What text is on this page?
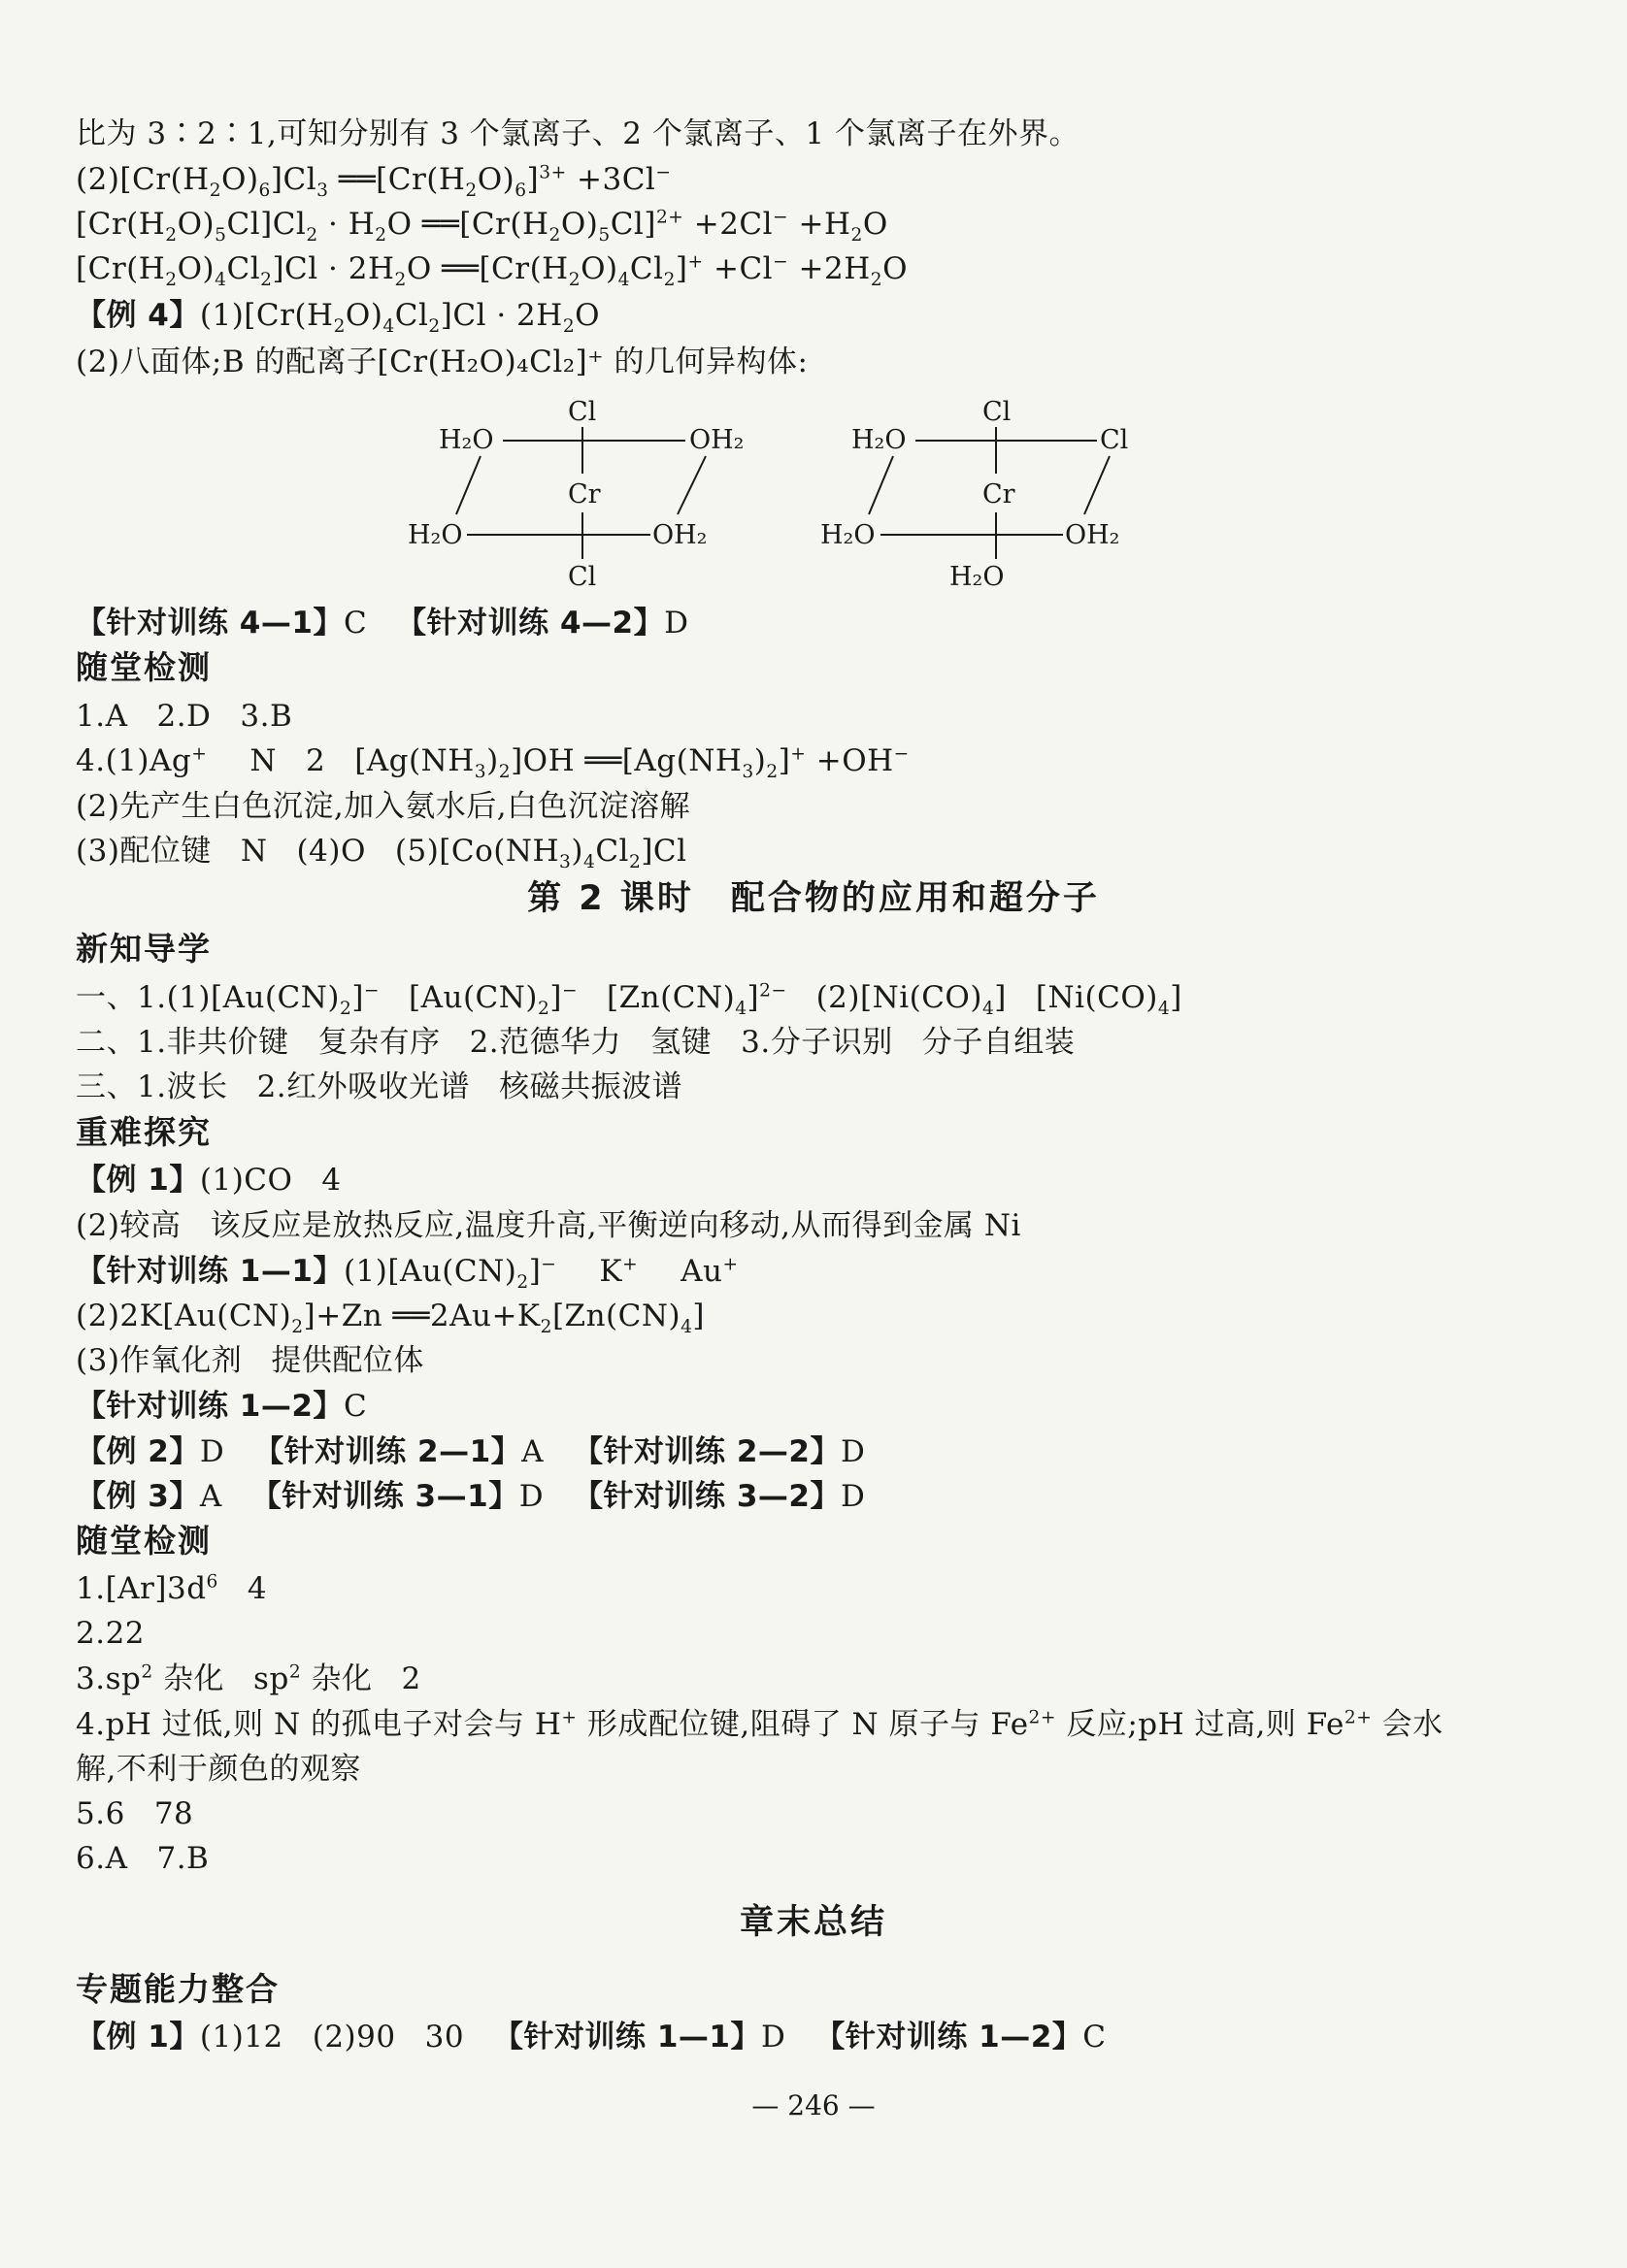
比为 3∶2∶1,可知分别有 3 个氯离子、2 个氯离子、1 个氯离子在外界。

$(2)[Cr(H_2O)_6]Cl_3$ $══[Cr(H_2O)_6]^{3+} +3Cl^-$

$[Cr(H_2O)_5Cl]Cl_2 \cdot H_2O$ $══[Cr(H_2O)_5Cl]^{2+} +2Cl^- +H_2O$

$[Cr(H_2O)_4Cl_2]Cl \cdot 2H_2O$ $══[Cr(H_2O)_4Cl_2]^+ +Cl^- +2H_2O$

【例 4】$(1)[Cr(H_2O)_4Cl_2]Cl \cdot 2H_2O$

(2)八面体;B 的配离子[Cr(H₂O)₄Cl₂]⁺ 的几何异构体:

Cl
Cr
Cl
H₂O	OH₂
H₂O	OH₂
Cl
Cr
H₂O
H₂O	Cl
H₂O	OH₂

【针对训练 4—1】C 【针对训练 4—2】D

随堂检测

1.A 2.D 3.B

4.(1)Ag+ N 2 $[Ag(NH_3)_2]OH$ $══[Ag(NH_3)_2]^+ +OH^-$

(2)先产生白色沉淀,加入氨水后,白色沉淀溶解

(3)配位键 N (4)O $(5)[Co(NH_3)_4Cl_2]Cl$

第 2 课时　配合物的应用和超分子

新知导学

一、$1.(1)[Au(CN)_2]^-$ $[Au(CN)_2]^-$ $[Zn(CN)_4]^{2-}$ $(2)[Ni(CO)_4]$ $[Ni(CO)_4]$

二、1.非共价键 复杂有序 2.范德华力 氢键 3.分子识别 分子自组装

三、1.波长 2.红外吸收光谱 核磁共振波谱

重难探究

【例 1】(1)CO 4

(2)较高 该反应是放热反应,温度升高,平衡逆向移动,从而得到金属 Ni

【针对训练 1—1】$(1)[Au(CN)_2]^-$ K+ Au+

$(2)2K[Au(CN)_2]+Zn$ $══2Au+K_2[Zn(CN)_4]$

(3)作氧化剂 提供配位体

【针对训练 1—2】C

【例 2】D 【针对训练 2—1】A 【针对训练 2—2】D

【例 3】A 【针对训练 3—1】D 【针对训练 3—2】D

随堂检测

$1.[Ar]3d^6$ 4

2.22

$3.sp^2$ 杂化 $sp^2$ 杂化 2

4.pH 过低,则 N 的孤电子对会与 H+ 形成配位键,阻碍了 N 原子与 $Fe^{2+}$ 反应;pH 过高,则 $Fe^{2+}$ 会水

解,不利于颜色的观察

5.6 78

6.A 7.B

章末总结

专题能力整合

【例 1】(1)12 (2)90 30 【针对训练 1—1】D 【针对训练 1—2】C

— 246 —
